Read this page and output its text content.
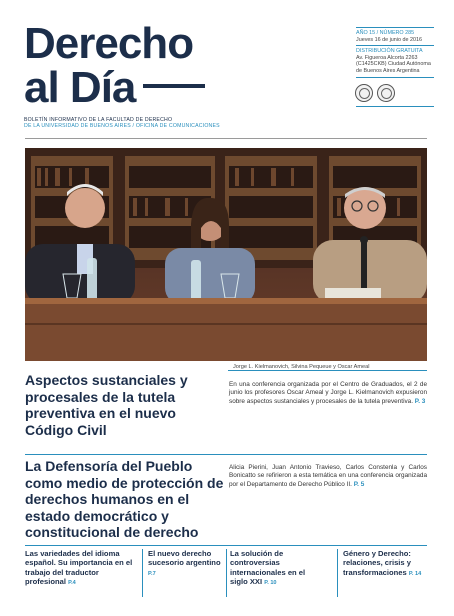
Derecho
al Día
BOLETÍN INFORMATIVO DE LA FACULTAD DE DERECHO
DE LA UNIVERSIDAD DE BUENOS AIRES / OFICINA DE COMUNICACIONES
AÑO 15 / NÚMERO 285
Jueves 16 de junio de 2016
DISTRIBUCIÓN GRATUITA
Av. Figueroa Alcorta 2263 (C1425CKB) Ciudad Autónoma de Buenos Aires Argentina
Jorge L. Kielmanovich, Silvina Pequeue y Oscar Ameal
Aspectos sustanciales y procesales de la tutela preventiva en el nuevo Código Civil
En una conferencia organizada por el Centro de Graduados, el 2 de junio los profesores Oscar Ameal y Jorge L. Kielmanovich expusieron sobre aspectos sustanciales y procesales de la tutela preventiva. P. 3
La Defensoría del Pueblo como medio de protección de derechos humanos en el estado democrático y constitucional de derecho
Alicia Pierini, Juan Antonio Travieso, Carlos Constenla y Carlos Bonicatto se refirieron a esta temática en una conferencia organizada por el Departamento de Derecho Público II. P. 5
Las variedades del idioma español. Su importancia en el trabajo del traductor profesional P.4
El nuevo derecho sucesorio argentino P.7
La solución de controversias internacionales en el siglo XXI P. 10
Género y Derecho: relaciones, crisis y transformaciones P. 14
